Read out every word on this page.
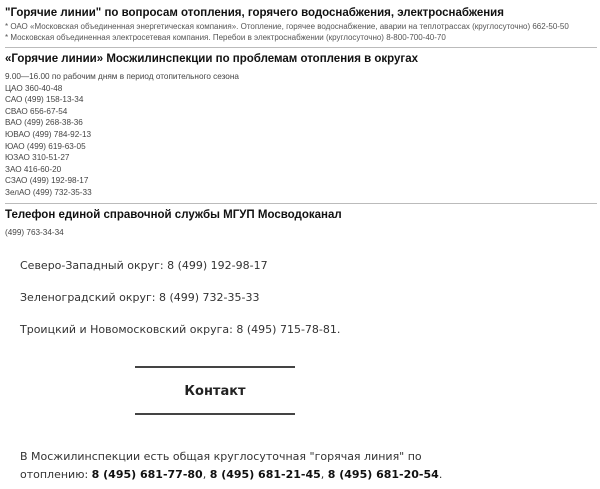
"Горячие линии" по вопросам отопления, горячего водоснабжения, электроснабжения

* ОАО «Московская объединенная энергетическая компания». Отопление, горячее водоснабжение, аварии на теплотрассах (круглосуточно) 662-50-50

* Московская объединенная электросетевая компания. Перебои в электроснабжении (круглосуточно) 8-800-700-40-70

«Горячие линии» Мосжилинспекции по проблемам отопления в округах

9.00—16.00 по рабочим дням в период отопительного сезона

ЦАО 360-40-48

САО (499) 158-13-34

СВАО 656-67-54

ВАО (499) 268-38-36

ЮВАО (499) 784-92-13

ЮАО (499) 619-63-05

ЮЗАО 310-51-27

ЗАО 416-60-20

СЗАО (499) 192-98-17

ЗелАО (499) 732-35-33

Телефон единой справочной службы МГУП Мосводоканал

(499) 763-34-34

Северо-Западный округ: 8 (499) 192-98-17

Зеленоградский округ: 8 (499) 732-35-33

Троицкий и Новомосковский округа: 8 (495) 715-78-81.

Контакт

В Мосжилинспекции есть общая круглосуточная "горячая линия" по

отоплению: 8 (495) 681-77-80, 8 (495) 681-21-45, 8 (495) 681-20-54.
